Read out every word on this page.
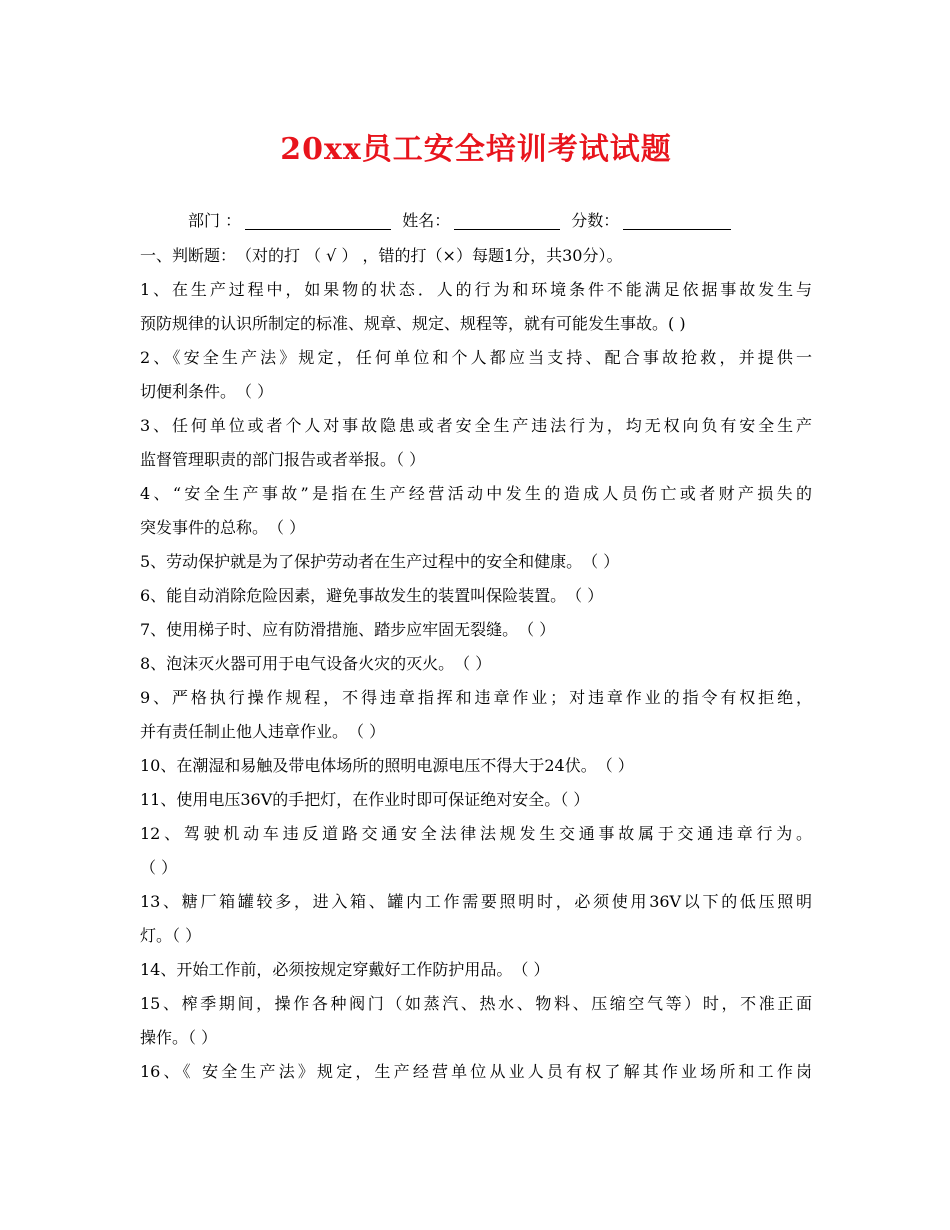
20xx员工安全培训考试试题
部门 ：	姓名：	分数：
一、判断题：　（对的打 （ √ ） ，错的打（×）每题1分，共30分）。
1、在生产过程中，如果物的状态．人的行为和环境条件不能满足依据事故发生与
预防规律的认识所制定的标准、规章、规定、规程等，就有可能发生事故。( )
2、《安全生产法》规定，任何单位和个人都应当支持、配合事故抢救，并提供一
切便利条件。　（ ）
3、任何单位或者个人对事故隐患或者安全生产违法行为，均无权向负有安全生产
监督管理职责的部门报告或者举报。（ ）
4、“安全生产事故”是指在生产经营活动中发生的造成人员伤亡或者财产损失的
突发事件的总称。　（ ）
5、劳动保护就是为了保护劳动者在生产过程中的安全和健康。　（ ）
6、能自动消除危险因素，避免事故发生的装置叫保险装置。　（ ）
7、使用梯子时、应有防滑措施、踏步应牢固无裂缝。　（ ）
8、泡沫灭火器可用于电气设备火灾的灭火。　（ ）
9、严格执行操作规程，不得违章指挥和违章作业；对违章作业的指令有权拒绝，
并有责任制止他人违章作业。　（ ）
10、在潮湿和易触及带电体场所的照明电源电压不得大于24伏。　（ ）
11、使用电压36V的手把灯，在作业时即可保证绝对安全。（ ）
12、驾驶机动车违反道路交通安全法律法规发生交通事故属于交通违章行为。
（ ）
13、糖厂箱罐较多，进入箱、罐内工作需要照明时，必须使用36V以下的低压照明
灯。（ ）
14、开始工作前，必须按规定穿戴好工作防护用品。　（ ）
15、榨季期间，操作各种阀门（如蒸汽、热水、物料、压缩空气等）时，不准正面
操作。（ ）
16、《 安全生产法》规定，生产经营单位从业人员有权了解其作业场所和工作岗
